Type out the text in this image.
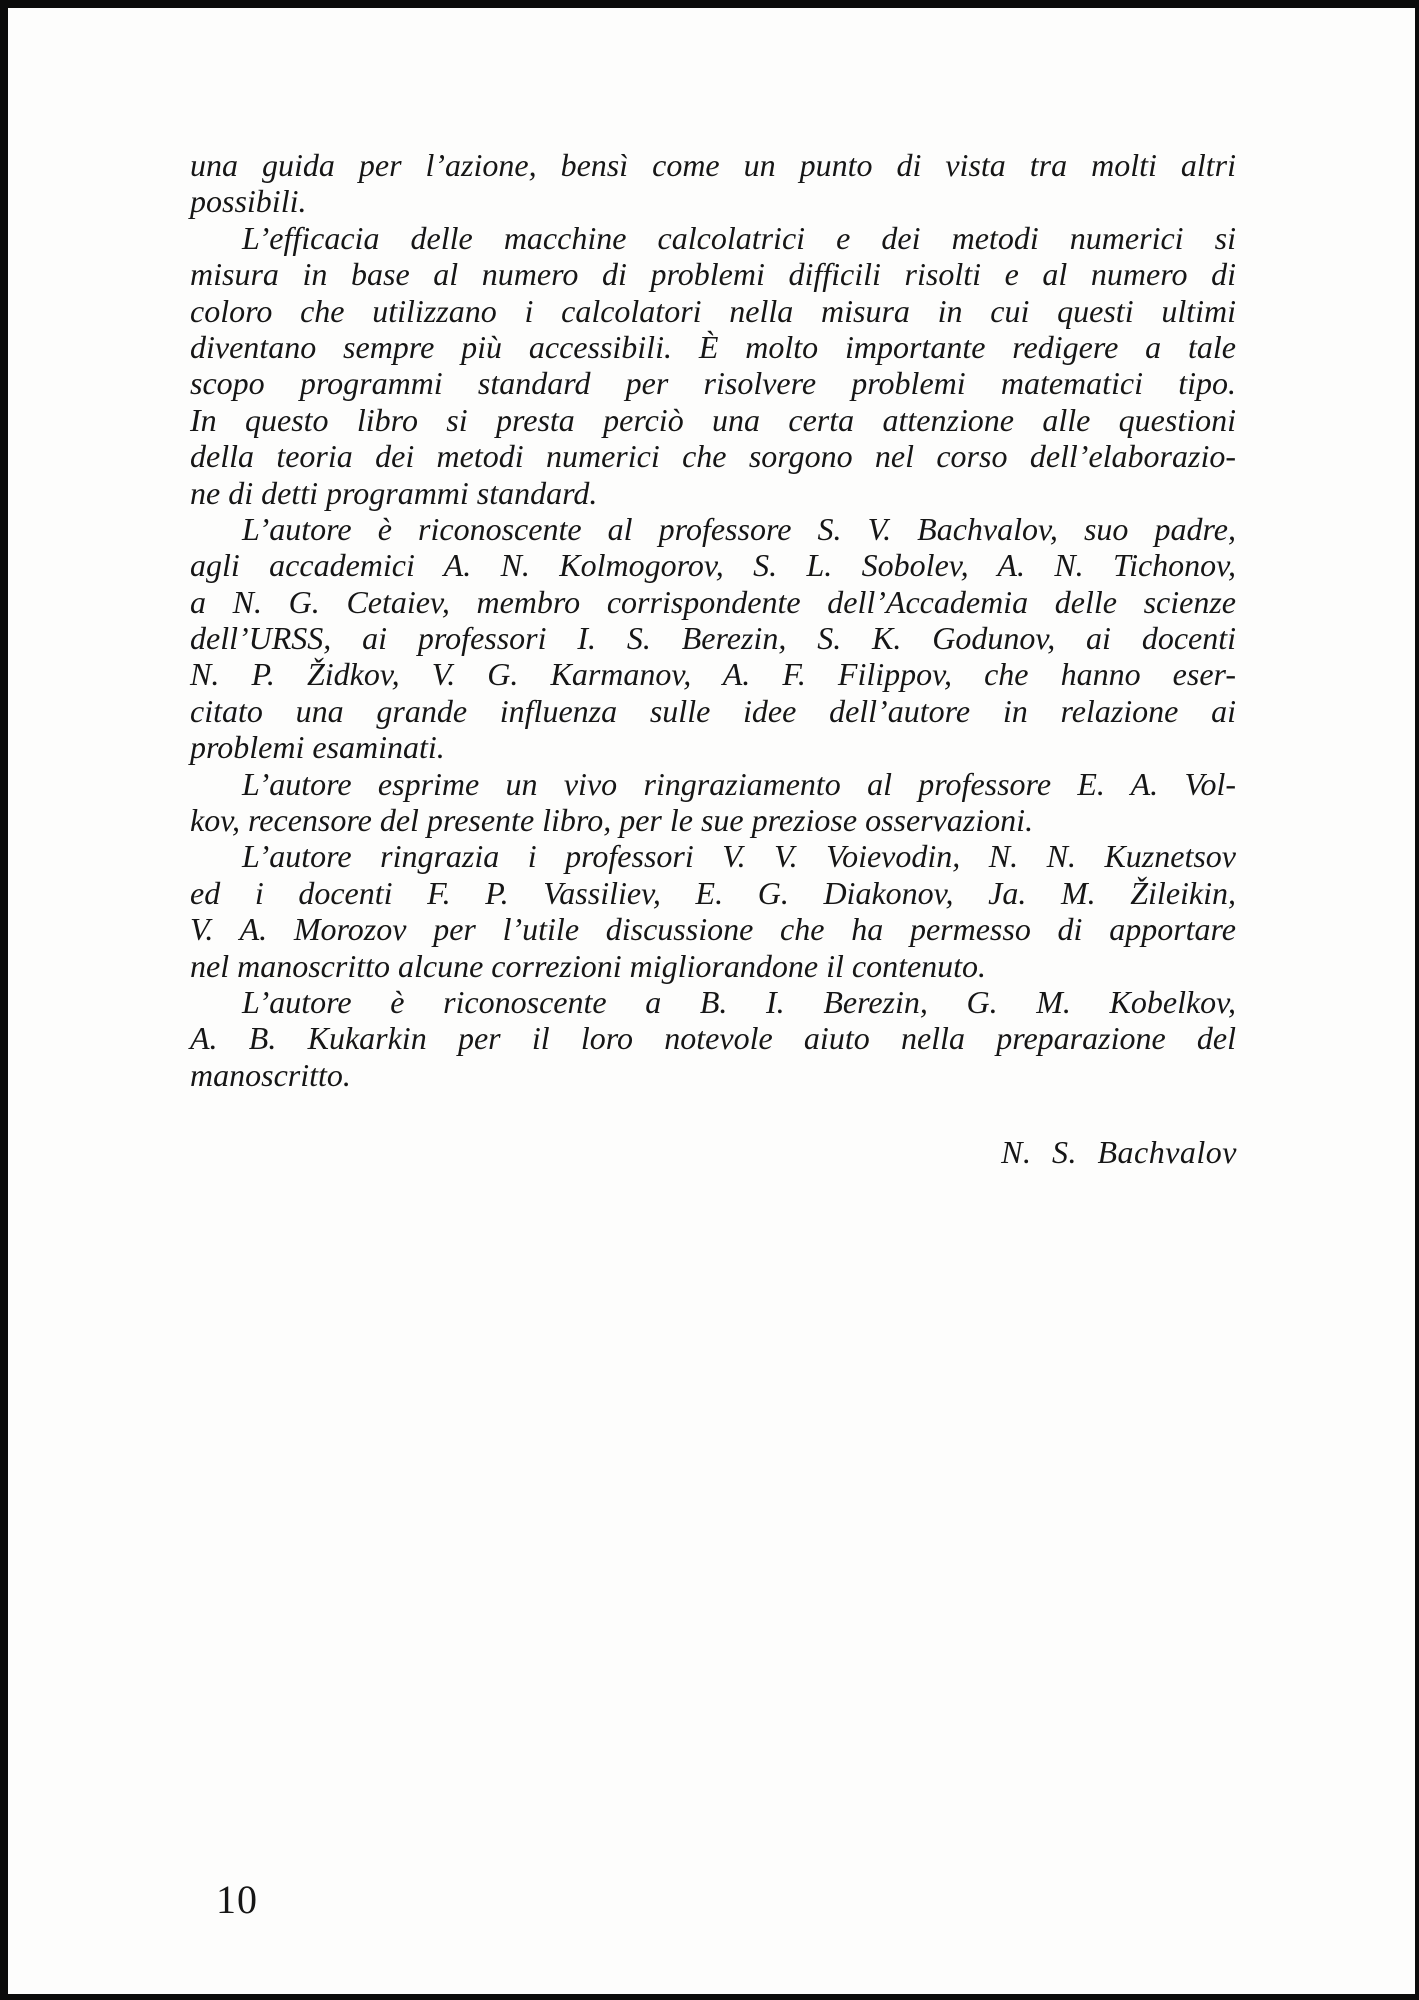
una guida per l’azione, bensì come un punto di vista tra molti altri
possibili.
L’efficacia delle macchine calcolatrici e dei metodi numerici si
misura in base al numero di problemi difficili risolti e al numero di
coloro che utilizzano i calcolatori nella misura in cui questi ultimi
diventano sempre più accessibili. È molto importante redigere a tale
scopo programmi standard per risolvere problemi matematici tipo.
In questo libro si presta perciò una certa attenzione alle questioni
della teoria dei metodi numerici che sorgono nel corso dell’elaborazio-
ne di detti programmi standard.
L’autore è riconoscente al professore S. V. Bachvalov, suo padre,
agli accademici A. N. Kolmogorov, S. L. Sobolev, A. N. Tichonov,
a N. G. Cetaiev, membro corrispondente dell’Accademia delle scienze
dell’URSS, ai professori I. S. Berezin, S. K. Godunov, ai docenti
N. P. Židkov, V. G. Karmanov, A. F. Filippov, che hanno eser-
citato una grande influenza sulle idee dell’autore in relazione ai
problemi esaminati.
L’autore esprime un vivo ringraziamento al professore E. A. Vol-
kov, recensore del presente libro, per le sue preziose osservazioni.
L’autore ringrazia i professori V. V. Voievodin, N. N. Kuznetsov
ed i docenti F. P. Vassiliev, E. G. Diakonov, Ja. M. Žileikin,
V. A. Morozov per l’utile discussione che ha permesso di apportare
nel manoscritto alcune correzioni migliorandone il contenuto.
L’autore è riconoscente a B. I. Berezin, G. M. Kobelkov,
A. B. Kukarkin per il loro notevole aiuto nella preparazione del
manoscritto.
N. S. Bachvalov
10
